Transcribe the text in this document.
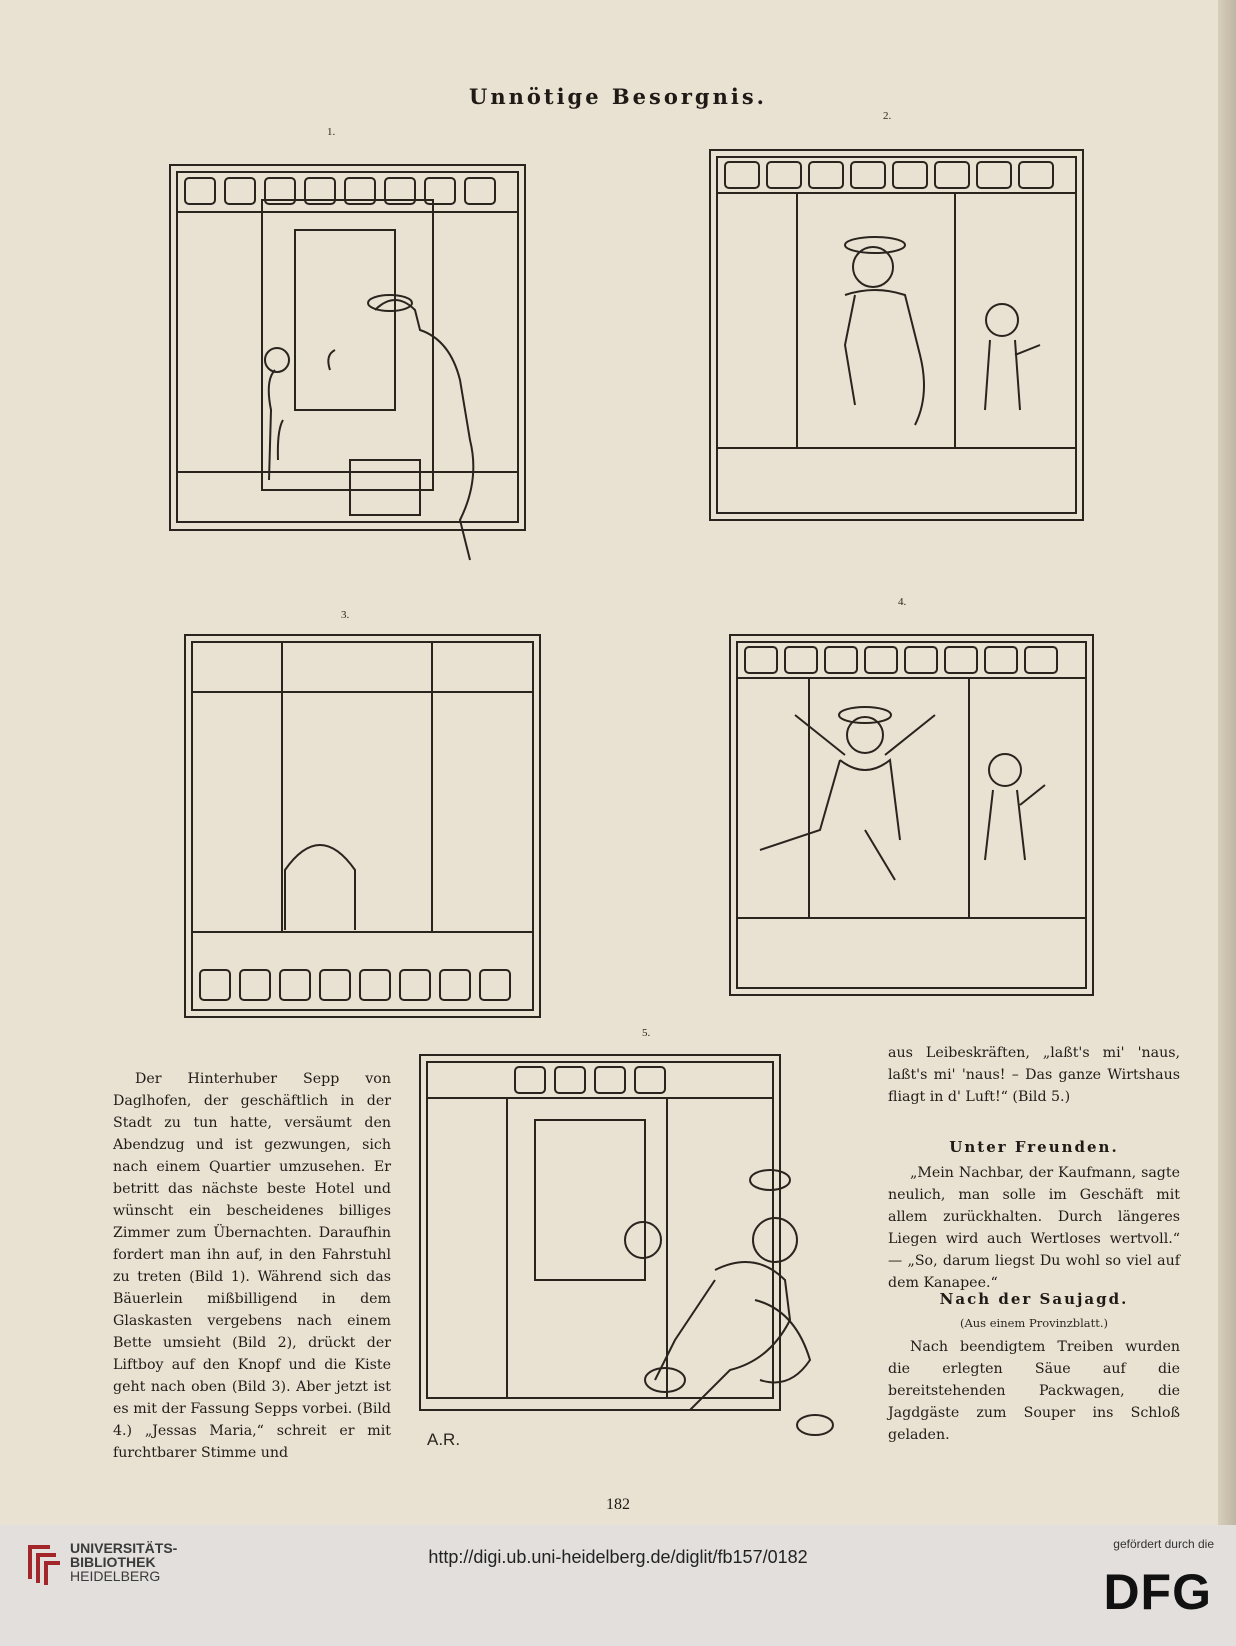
Unnötige Besorgnis.
1.
2.
3.
4.
5.

Der Hinterhuber Sepp von Daglhofen, der geschäftlich in der Stadt zu tun hatte, versäumt den Abendzug und ist gezwungen, sich nach einem Quartier umzusehen. Er betritt das nächste beste Hotel und wünscht ein bescheidenes billiges Zimmer zum Übernachten. Daraufhin fordert man ihn auf, in den Fahrstuhl zu treten (Bild 1). Während sich das Bäuerlein mißbilligend in dem Glaskasten vergebens nach einem Bette umsieht (Bild 2), drückt der Liftboy auf den Knopf und die Kiste geht nach oben (Bild 3). Aber jetzt ist es mit der Fassung Sepps vorbei. (Bild 4.) „Jessas Maria,“ schreit er mit furchtbarer Stimme und

aus Leibeskräften, „laßt's mi' 'naus, laßt's mi' 'naus! – Das ganze Wirtshaus fliagt in d' Luft!“ (Bild 5.)

Unter Freunden.

„Mein Nachbar, der Kaufmann, sagte neulich, man solle im Geschäft mit allem zurückhalten. Durch längeres Liegen wird auch Wertloses wertvoll.“ — „So, darum liegst Du wohl so viel auf dem Kanapee.“

Nach der Saujagd.
(Aus einem Provinzblatt.)

Nach beendigtem Treiben wurden die erlegten Säue auf die bereitstehenden Packwagen, die Jagdgäste zum Souper ins Schloß geladen.

A.R.
182
UNIVERSITÄTS-
BIBLIOTHEK
HEIDELBERG
http://digi.ub.uni-heidelberg.de/diglit/fb157/0182
gefördert durch die
DFG
